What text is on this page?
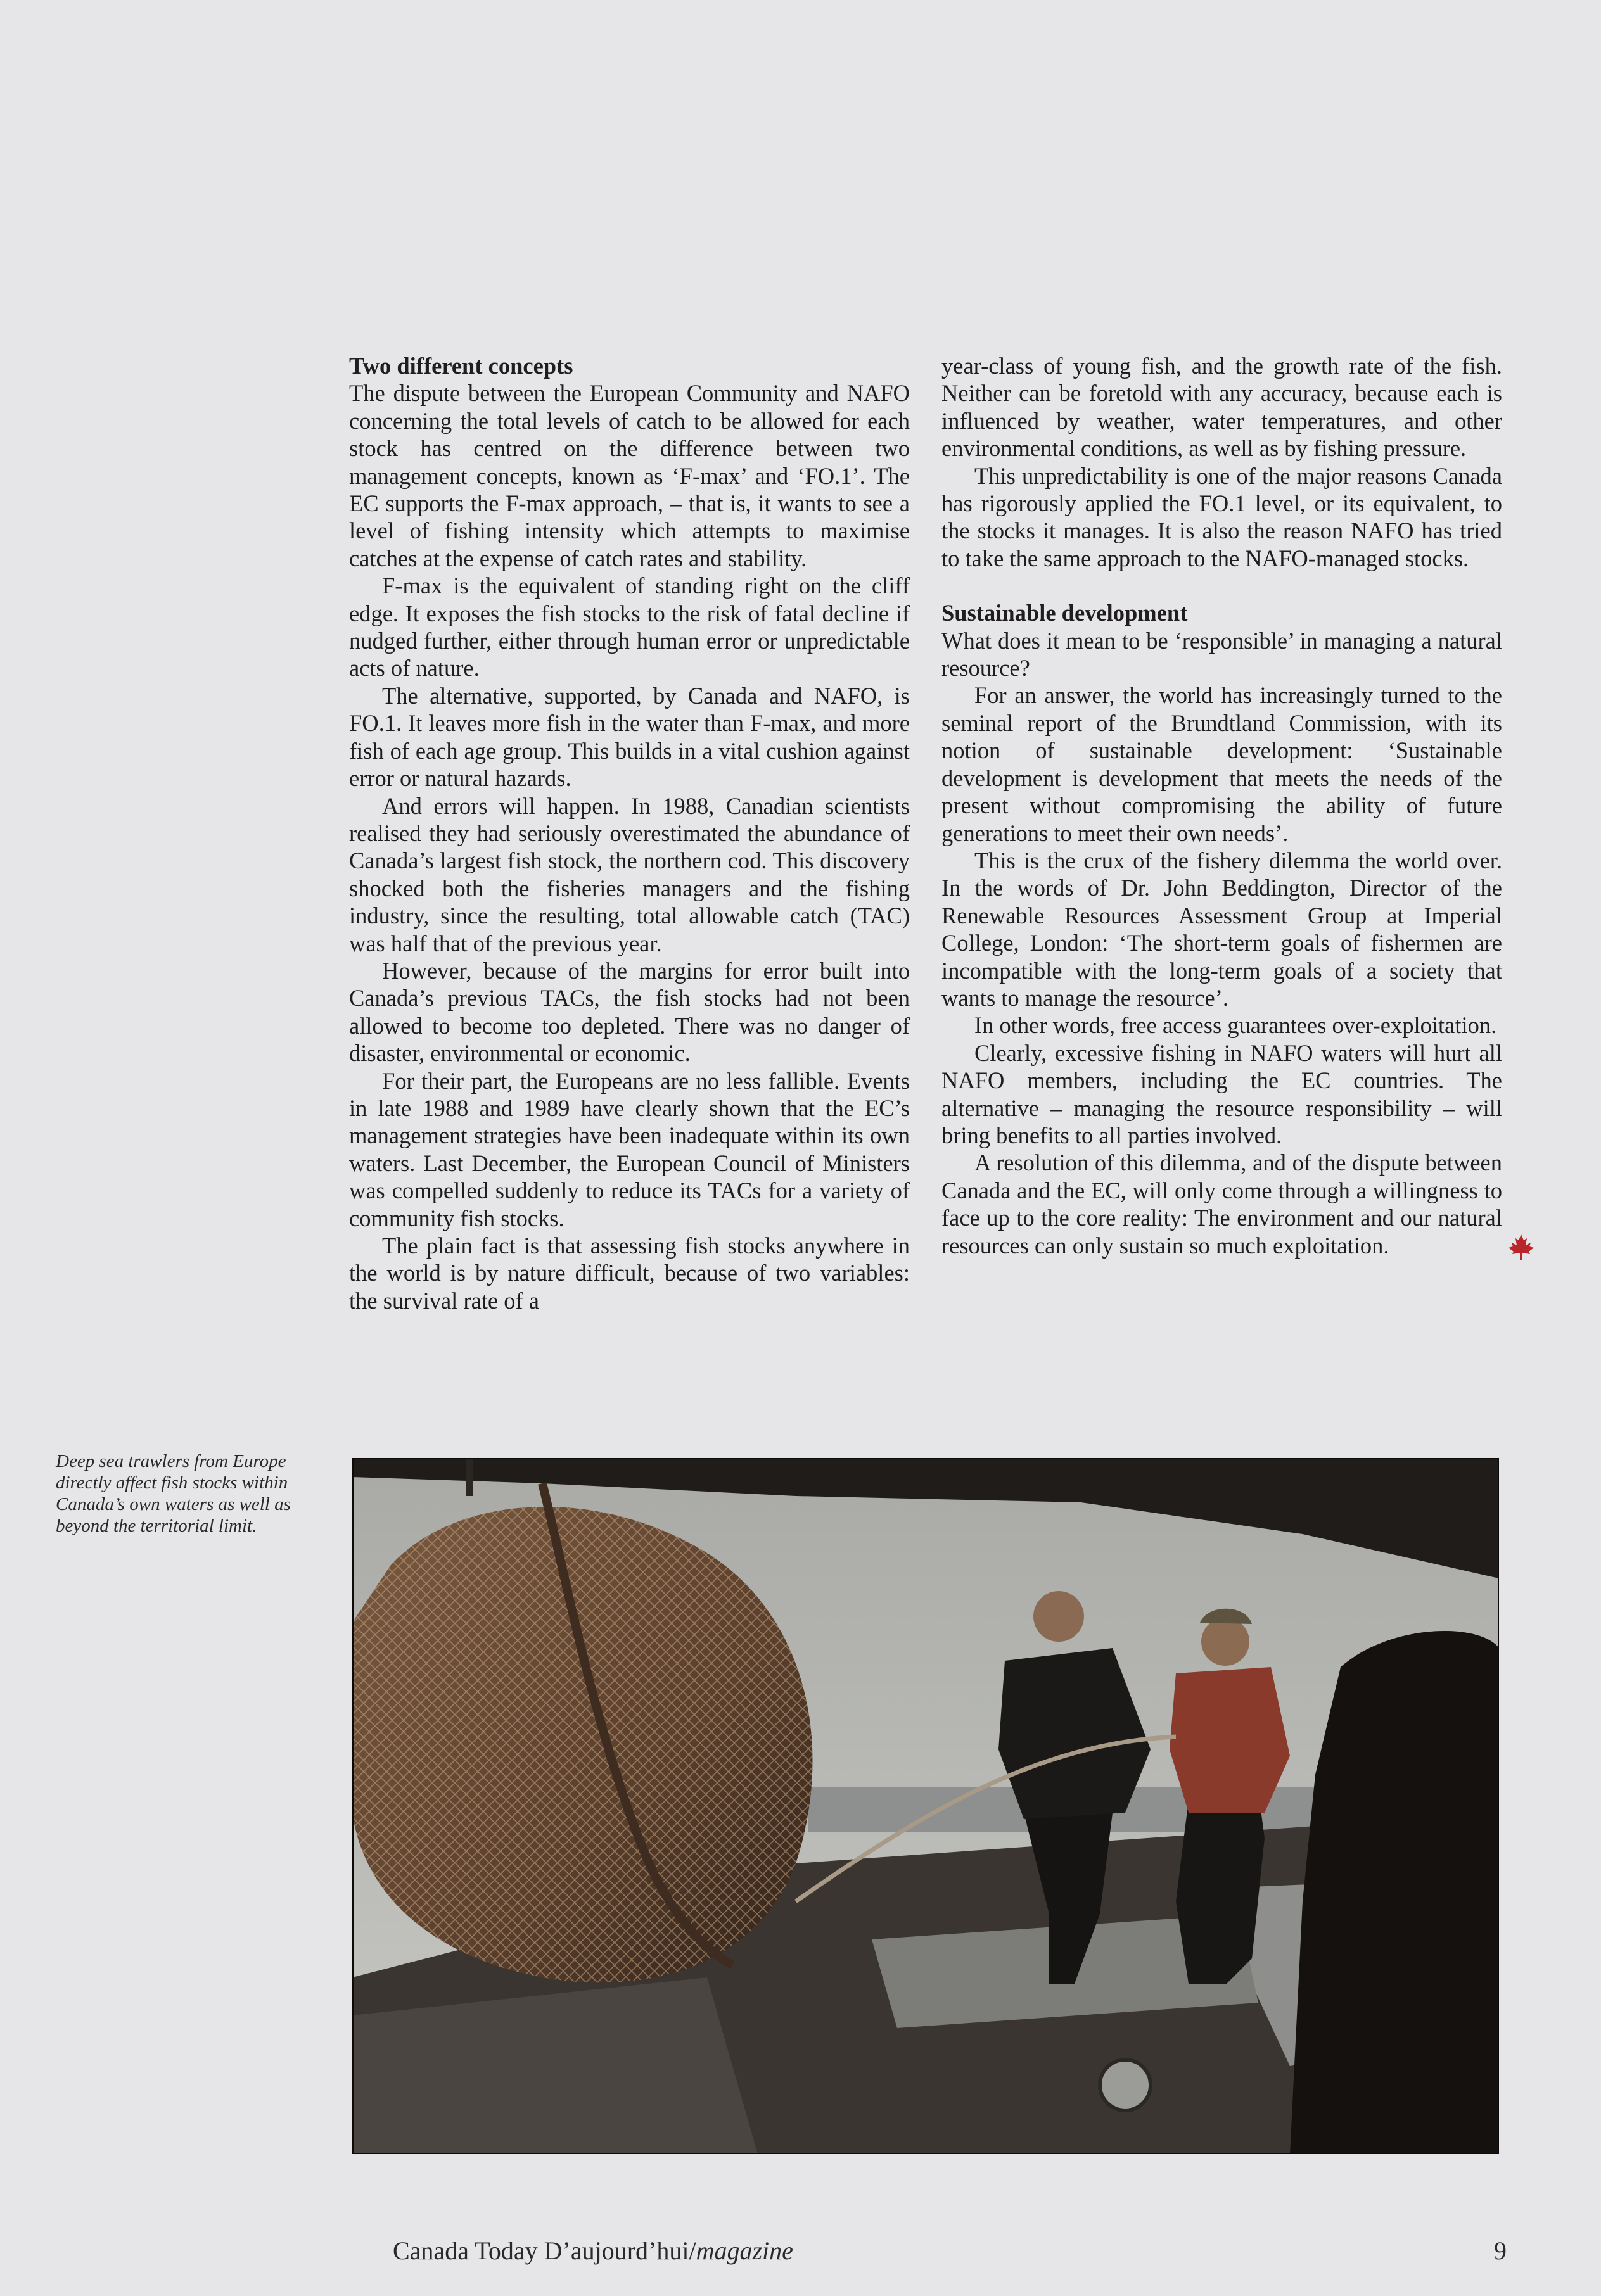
Two different concepts

The dispute between the European Community and NAFO concerning the total levels of catch to be allowed for each stock has centred on the difference between two management concepts, known as ‘F-max’ and ‘FO.1’. The EC supports the F-max approach, – that is, it wants to see a level of fishing intensity which attempts to maximise catches at the expense of catch rates and stability.

F-max is the equivalent of standing right on the cliff edge. It exposes the fish stocks to the risk of fatal decline if nudged further, either through human error or unpredictable acts of nature.

The alternative, supported, by Canada and NAFO, is FO.1. It leaves more fish in the water than F-max, and more fish of each age group. This builds in a vital cushion against error or natural hazards.

And errors will happen. In 1988, Canadian scientists realised they had seriously overestimated the abundance of Canada’s largest fish stock, the northern cod. This discovery shocked both the fisheries managers and the fishing industry, since the resulting, total allowable catch (TAC) was half that of the previous year.

However, because of the margins for error built into Canada’s previous TACs, the fish stocks had not been allowed to become too depleted. There was no danger of disaster, environmental or economic.

For their part, the Europeans are no less fallible. Events in late 1988 and 1989 have clearly shown that the EC’s management strategies have been inadequate within its own waters. Last December, the European Council of Ministers was compelled suddenly to reduce its TACs for a variety of community fish stocks.

The plain fact is that assessing fish stocks anywhere in the world is by nature difficult, because of two variables: the survival rate of a

year-class of young fish, and the growth rate of the fish. Neither can be foretold with any accuracy, because each is influenced by weather, water temperatures, and other environmental conditions, as well as by fishing pressure.

This unpredictability is one of the major reasons Canada has rigorously applied the FO.1 level, or its equivalent, to the stocks it manages. It is also the reason NAFO has tried to take the same approach to the NAFO-managed stocks.

Sustainable development

What does it mean to be ‘responsible’ in managing a natural resource?

For an answer, the world has increasingly turned to the seminal report of the Brundtland Commission, with its notion of sustainable development: ‘Sustainable development is development that meets the needs of the present without compromising the ability of future generations to meet their own needs’.

This is the crux of the fishery dilemma the world over. In the words of Dr. John Beddington, Director of the Renewable Resources Assessment Group at Imperial College, London: ‘The short-term goals of fishermen are incompatible with the long-term goals of a society that wants to manage the resource’.

In other words, free access guarantees over-exploitation.

Clearly, excessive fishing in NAFO waters will hurt all NAFO members, including the EC countries. The alternative – managing the resource responsibility – will bring benefits to all parties involved.

A resolution of this dilemma, and of the dispute between Canada and the EC, will only come through a willingness to face up to the core reality: The environment and our natural resources can only sustain so much exploitation.

Deep sea trawlers from Europe directly affect fish stocks within Canada’s own waters as well as beyond the territorial limit.
Canada Today D’aujourd’hui/magazine	9
